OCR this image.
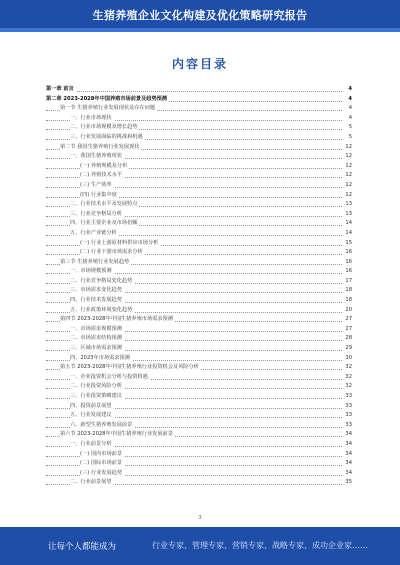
生猪养殖企业文化构建及优化策略研究报告
内容目录
第一章 前言	4
第二章 2023-2028年中国养殖市场前景及趋势预测	4
第一节 生猪养殖行业发展现状及存在问题	4
一、行业市场现状	4
二、行业市场规模及增长趋势	5
三、行业发展面临的挑战和机遇	5
第二节 我国生猪养殖行业发展现状	12
一、我国生猪养殖现状	12
(一) 养殖规模及分布	12
(二) 养殖技术水平	12
(三) 生产效率	12
(四) 行业集中度	12
二、行业技术水平及发展特点	13
三、行业竞争格局分析	13
四、行业主要企业及市场份额	14
五、行业产业链分析	14
(一) 行业上游原材料供应市场分析	15
(二) 行业下游市场需求分析	16
第三节 生猪养殖行业发展趋势	16
一、市场规模预测	16
二、行业竞争格局变化趋势	17
三、市场需求变化趋势	18
四、行业技术发展趋势	18
五、行业政策环境变化趋势	20
第四节 2023-2028年中国生猪养殖市场需求预测	27
一、市场需求规模预测	27
二、市场需求结构预测	28
三、区域市场需求预测	29
四、2023年市场需求预测	30
第五节 2023-2028年中国生猪养殖行业投资机会及风险分析	32
一、企业投资机会分析与投资机遇	32
二、行业投资风险分析	32
三、行业投资策略建议	33
四、投资前景展望	33
五、行业发展建议	33
六、新型生猪养殖发展前景	33
第六节 2023-2028年中国生猪养殖行业发展前景	34
一、行业前景分析	34
(一) 国内市场前景	34
(二) 国际市场前景	34
(三) 行业发展趋势	34
二、行业前景展望	35
3
让每个人都能成为	行业专家、管理专家、营销专家、战略专家、成功企业家……
